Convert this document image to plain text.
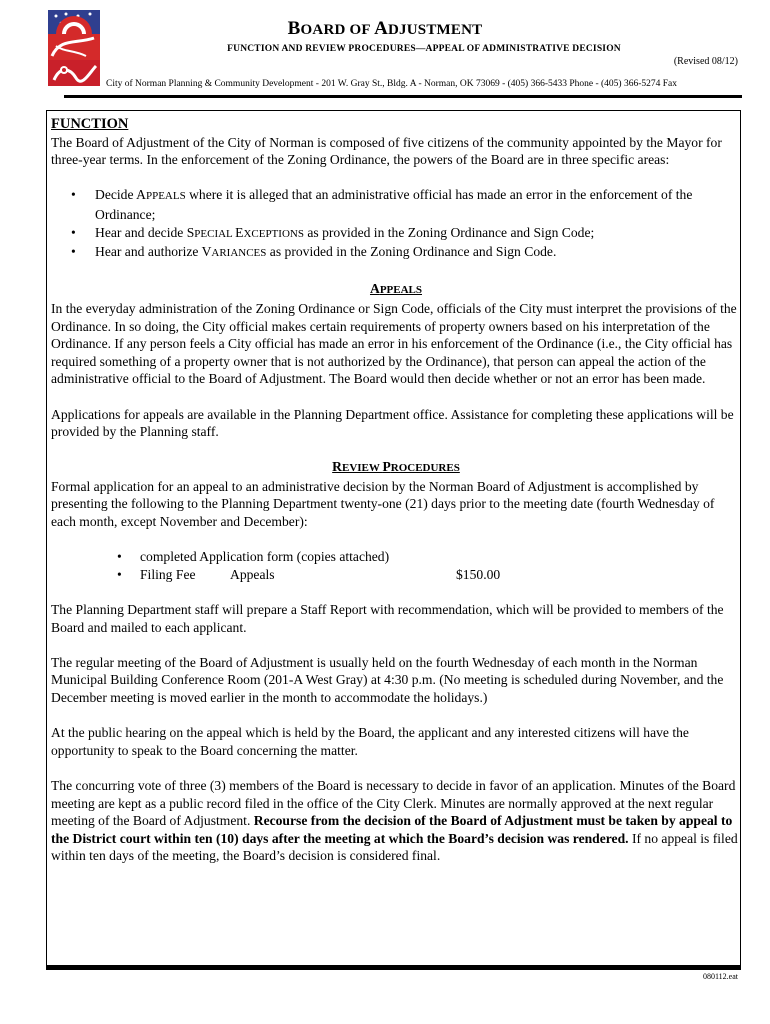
BOARD OF ADJUSTMENT
FUNCTION AND REVIEW PROCEDURES—APPEAL OF ADMINISTRATIVE DECISION
(Revised 08/12)
City of Norman Planning & Community Development - 201 W. Gray St., Bldg. A - Norman, OK 73069 - (405) 366-5433 Phone - (405) 366-5274 Fax
FUNCTION

The Board of Adjustment of the City of Norman is composed of five citizens of the community appointed by the Mayor for three-year terms. In the enforcement of the Zoning Ordinance, the powers of the Board are in three specific areas:

• Decide APPEALS where it is alleged that an administrative official has made an error in the enforcement of the Ordinance;
• Hear and decide SPECIAL EXCEPTIONS as provided in the Zoning Ordinance and Sign Code;
• Hear and authorize VARIANCES as provided in the Zoning Ordinance and Sign Code.
APPEALS

In the everyday administration of the Zoning Ordinance or Sign Code, officials of the City must interpret the provisions of the Ordinance. In so doing, the City official makes certain requirements of property owners based on his interpretation of the Ordinance. If any person feels a City official has made an error in his enforcement of the Ordinance (i.e., the City official has required something of a property owner that is not authorized by the Ordinance), that person can appeal the action of the administrative official to the Board of Adjustment. The Board would then decide whether or not an error has been made.

Applications for appeals are available in the Planning Department office. Assistance for completing these applications will be provided by the Planning staff.

REVIEW PROCEDURES

Formal application for an appeal to an administrative decision by the Norman Board of Adjustment is accomplished by presenting the following to the Planning Department twenty-one (21) days prior to the meeting date (fourth Wednesday of each month, except November and December):

• completed Application form (copies attached)
• Filing Fee	Appeals	$150.00

The Planning Department staff will prepare a Staff Report with recommendation, which will be provided to members of the Board and mailed to each applicant.

The regular meeting of the Board of Adjustment is usually held on the fourth Wednesday of each month in the Norman Municipal Building Conference Room (201-A West Gray) at 4:30 p.m. (No meeting is scheduled during November, and the December meeting is moved earlier in the month to accommodate the holidays.)

At the public hearing on the appeal which is held by the Board, the applicant and any interested citizens will have the opportunity to speak to the Board concerning the matter.

The concurring vote of three (3) members of the Board is necessary to decide in favor of an application. Minutes of the Board meeting are kept as a public record filed in the office of the City Clerk. Minutes are normally approved at the next regular meeting of the Board of Adjustment. Recourse from the decision of the Board of Adjustment must be taken by appeal to the District court within ten (10) days after the meeting at which the Board’s decision was rendered. If no appeal is filed within ten days of the meeting, the Board’s decision is considered final.

080112.eat
